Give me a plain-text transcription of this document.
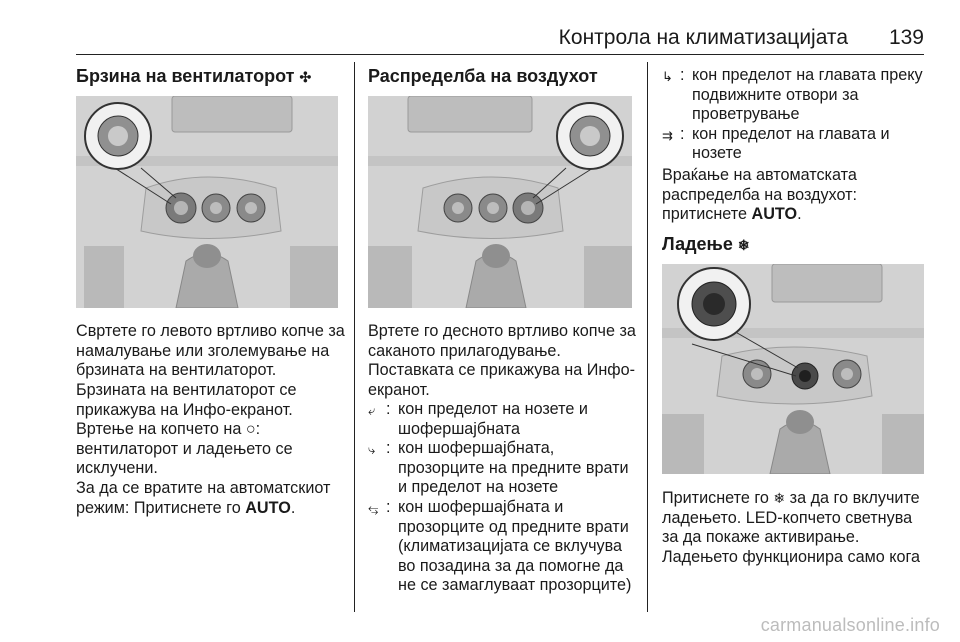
Контрола на климатизацијата 139
Брзина на вентилаторот ✣

Свртете го левото вртливо копче за намалување или зголемување на брзината на вентилаторот.

Брзината на вентилаторот се прикажува на Инфо-екранот.

Вртење на копчето на ○: вентилаторот и ладењето се исклучени.

За да се вратите на автоматскиот режим: Притиснете го AUTO.

Распределба на воздухот

Вртете го десното вртливо копче за саканото прилагодување.

Поставката се прикажува на Инфо-екранот.

⤶ : кон пределот на нозете и шофершајбната
⤷ : кон шофершајбната, прозорците на предните врати и пределот на нозете
⥃ : кон шофершајбната и прозорците од предните врати (климатизацијата се вклучува во позадина за да помогне да не се замаглуваат прозорците)
↳ : кон пределот на главата преку подвижните отвори за проветрување
⇉ : кон пределот на главата и нозете

Враќање на автоматската распределба на воздухот: притиснете AUTO.

Ладење ❄

Притиснете го ❄ за да го вклучите ладењето. LED-копчето светнува за да покаже активирање.

Ладењето функционира само кога

carmanualsonline.info
